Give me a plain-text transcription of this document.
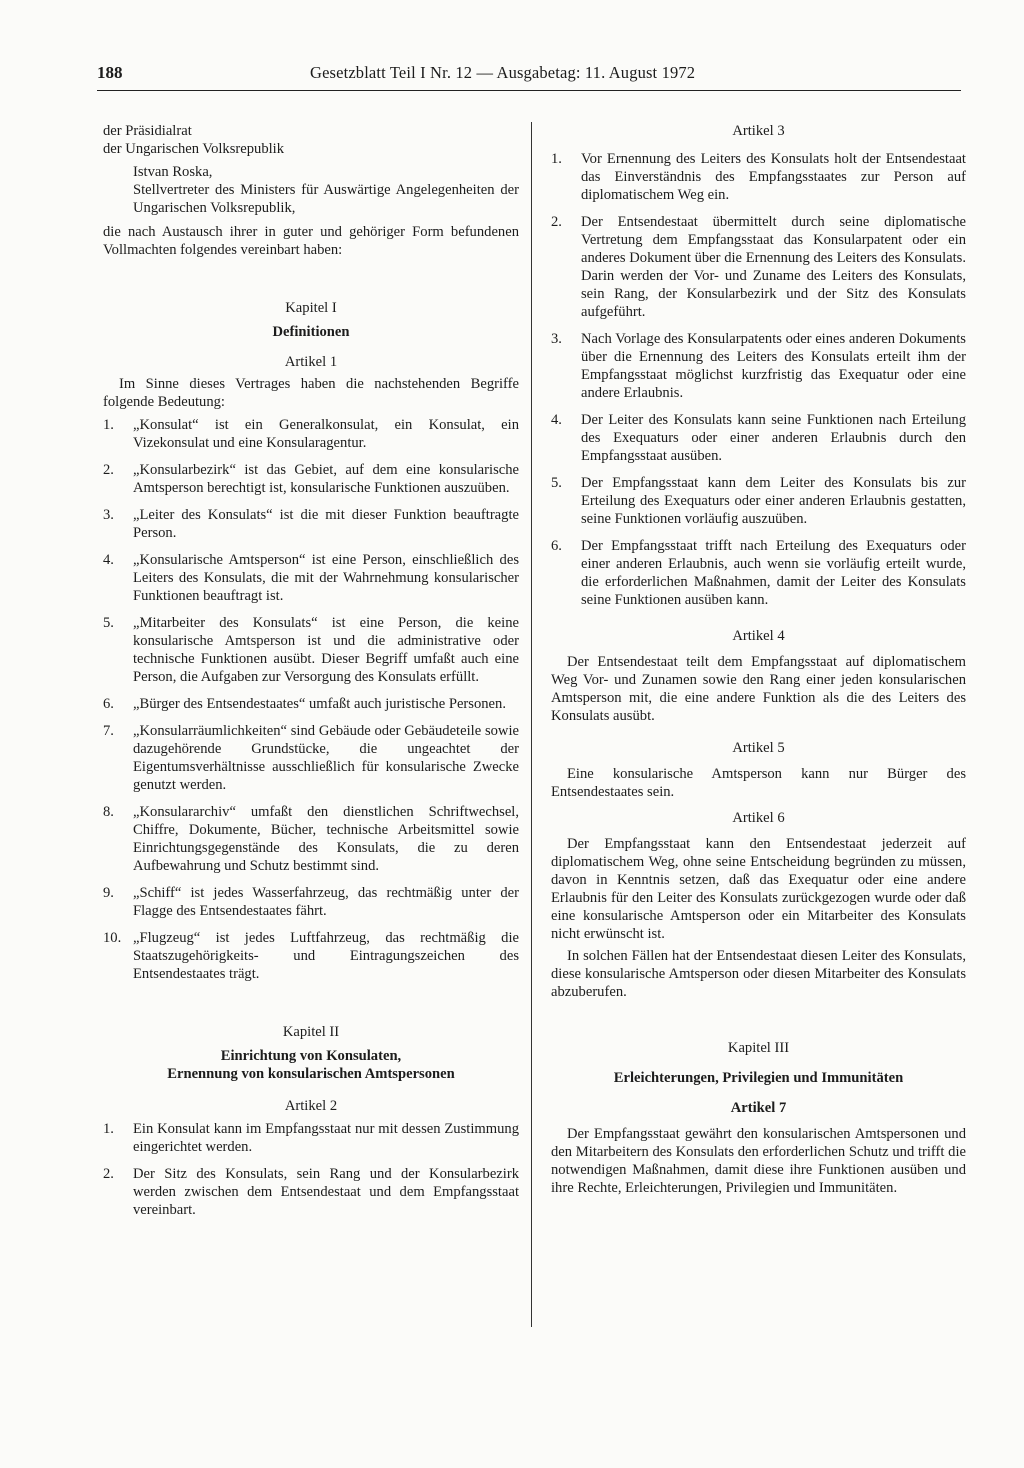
188	Gesetzblatt Teil I Nr. 12 — Ausgabetag: 11. August 1972

der Präsidialrat

der Ungarischen Volksrepublik

Istvan Roska,

Stellvertreter des Ministers für Auswärtige Angelegenheiten der Ungarischen Volksrepublik,

die nach Austausch ihrer in guter und gehöriger Form befundenen Vollmachten folgendes vereinbart haben:

Kapitel I

Definitionen

Artikel 1

Im Sinne dieses Vertrages haben die nachstehenden Begriffe folgende Bedeutung:

1.	„Konsulat“ ist ein Generalkonsulat, ein Konsulat, ein Vizekonsulat und eine Konsularagentur.
2.	„Konsularbezirk“ ist das Gebiet, auf dem eine konsularische Amtsperson berechtigt ist, konsularische Funktionen auszuüben.
3.	„Leiter des Konsulats“ ist die mit dieser Funktion beauftragte Person.
4.	„Konsularische Amtsperson“ ist eine Person, einschließlich des Leiters des Konsulats, die mit der Wahrnehmung konsularischer Funktionen beauftragt ist.
5.	„Mitarbeiter des Konsulats“ ist eine Person, die keine konsularische Amtsperson ist und die administrative oder technische Funktionen ausübt. Dieser Begriff umfaßt auch eine Person, die Aufgaben zur Versorgung des Konsulats erfüllt.
6.	„Bürger des Entsendestaates“ umfaßt auch juristische Personen.
7.	„Konsularräumlichkeiten“ sind Gebäude oder Gebäudeteile sowie dazugehörende Grundstücke, die ungeachtet der Eigentumsverhältnisse ausschließlich für konsularische Zwecke genutzt werden.
8.	„Konsulararchiv“ umfaßt den dienstlichen Schriftwechsel, Chiffre, Dokumente, Bücher, technische Arbeitsmittel sowie Einrichtungsgegenstände des Konsulats, die zu deren Aufbewahrung und Schutz bestimmt sind.
9.	„Schiff“ ist jedes Wasserfahrzeug, das rechtmäßig unter der Flagge des Entsendestaates fährt.
10. „Flugzeug“ ist jedes Luftfahrzeug, das rechtmäßig die Staatszugehörigkeits- und Eintragungszeichen des Entsendestaates trägt.

Kapitel II

Einrichtung von Konsulaten,

Ernennung von konsularischen Amtspersonen

Artikel 2

1.	Ein Konsulat kann im Empfangsstaat nur mit dessen Zustimmung eingerichtet werden.
2.	Der Sitz des Konsulats, sein Rang und der Konsularbezirk werden zwischen dem Entsendestaat und dem Empfangsstaat vereinbart.

Artikel 3

1.	Vor Ernennung des Leiters des Konsulats holt der Entsendestaat das Einverständnis des Empfangsstaates zur Person auf diplomatischem Weg ein.
2.	Der Entsendestaat übermittelt durch seine diplomatische Vertretung dem Empfangsstaat das Konsularpatent oder ein anderes Dokument über die Ernennung des Leiters des Konsulats. Darin werden der Vor- und Zuname des Leiters des Konsulats, sein Rang, der Konsularbezirk und der Sitz des Konsulats aufgeführt.
3.	Nach Vorlage des Konsularpatents oder eines anderen Dokuments über die Ernennung des Leiters des Konsulats erteilt ihm der Empfangsstaat möglichst kurzfristig das Exequatur oder eine andere Erlaubnis.
4.	Der Leiter des Konsulats kann seine Funktionen nach Erteilung des Exequaturs oder einer anderen Erlaubnis durch den Empfangsstaat ausüben.
5.	Der Empfangsstaat kann dem Leiter des Konsulats bis zur Erteilung des Exequaturs oder einer anderen Erlaubnis gestatten, seine Funktionen vorläufig auszuüben.
6.	Der Empfangsstaat trifft nach Erteilung des Exequaturs oder einer anderen Erlaubnis, auch wenn sie vorläufig erteilt wurde, die erforderlichen Maßnahmen, damit der Leiter des Konsulats seine Funktionen ausüben kann.

Artikel 4

Der Entsendestaat teilt dem Empfangsstaat auf diplomatischem Weg Vor- und Zunamen sowie den Rang einer jeden konsularischen Amtsperson mit, die eine andere Funktion als die des Leiters des Konsulats ausübt.

Artikel 5

Eine konsularische Amtsperson kann nur Bürger des Entsendestaates sein.

Artikel 6

Der Empfangsstaat kann den Entsendestaat jederzeit auf diplomatischem Weg, ohne seine Entscheidung begründen zu müssen, davon in Kenntnis setzen, daß das Exequatur oder eine andere Erlaubnis für den Leiter des Konsulats zurückgezogen wurde oder daß eine konsularische Amtsperson oder ein Mitarbeiter des Konsulats nicht erwünscht ist.

In solchen Fällen hat der Entsendestaat diesen Leiter des Konsulats, diese konsularische Amtsperson oder diesen Mitarbeiter des Konsulats abzuberufen.

Kapitel III

Erleichterungen, Privilegien und Immunitäten

Artikel 7

Der Empfangsstaat gewährt den konsularischen Amtspersonen und den Mitarbeitern des Konsulats den erforderlichen Schutz und trifft die notwendigen Maßnahmen, damit diese ihre Funktionen ausüben und ihre Rechte, Erleichterungen, Privilegien und Immunitäten.
